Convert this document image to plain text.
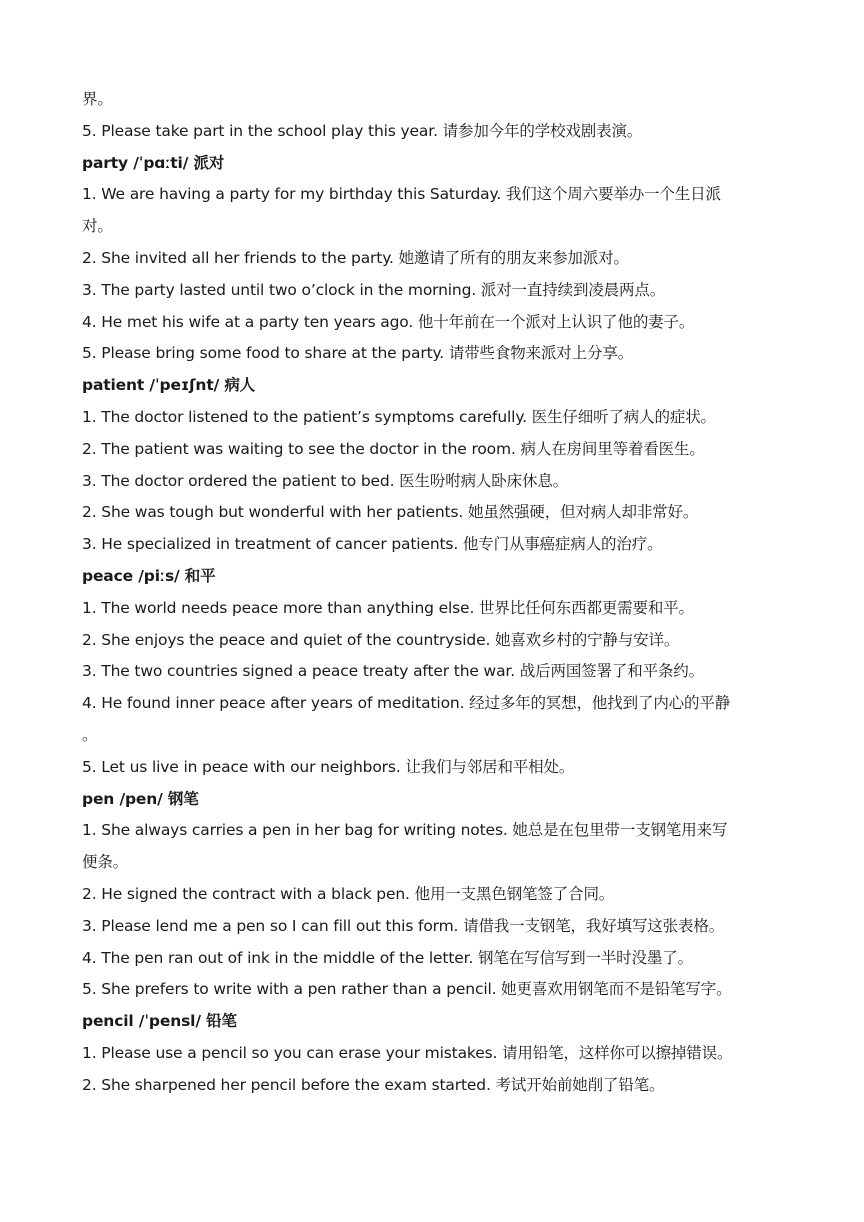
界。
5. Please take part in the school play this year. 请参加今年的学校戏剧表演。
party /ˈpɑːti/ 派对
1. We are having a party for my birthday this Saturday. 我们这个周六要举办一个生日派
对。
2. She invited all her friends to the party. 她邀请了所有的朋友来参加派对。
3. The party lasted until two o’clock in the morning. 派对一直持续到凌晨两点。
4. He met his wife at a party ten years ago. 他十年前在一个派对上认识了他的妻子。
5. Please bring some food to share at the party. 请带些食物来派对上分享。
patient /ˈpeɪʃnt/ 病人
1. The doctor listened to the patient’s symptoms carefully. 医生仔细听了病人的症状。
2. The patient was waiting to see the doctor in the room. 病人在房间里等着看医生。
3. The doctor ordered the patient to bed. 医生吩咐病人卧床休息。
2. She was tough but wonderful with her patients. 她虽然强硬，但对病人却非常好。
3. He specialized in treatment of cancer patients. 他专门从事癌症病人的治疗。
peace /piːs/ 和平
1. The world needs peace more than anything else. 世界比任何东西都更需要和平。
2. She enjoys the peace and quiet of the countryside. 她喜欢乡村的宁静与安详。
3. The two countries signed a peace treaty after the war. 战后两国签署了和平条约。
4. He found inner peace after years of meditation. 经过多年的冥想，他找到了内心的平静
。
5. Let us live in peace with our neighbors. 让我们与邻居和平相处。
pen /pen/ 钢笔
1. She always carries a pen in her bag for writing notes. 她总是在包里带一支钢笔用来写
便条。
2. He signed the contract with a black pen. 他用一支黑色钢笔签了合同。
3. Please lend me a pen so I can fill out this form. 请借我一支钢笔，我好填写这张表格。
4. The pen ran out of ink in the middle of the letter. 钢笔在写信写到一半时没墨了。
5. She prefers to write with a pen rather than a pencil. 她更喜欢用钢笔而不是铅笔写字。
pencil /ˈpensl/ 铅笔
1. Please use a pencil so you can erase your mistakes. 请用铅笔，这样你可以擦掉错误。
2. She sharpened her pencil before the exam started. 考试开始前她削了铅笔。
